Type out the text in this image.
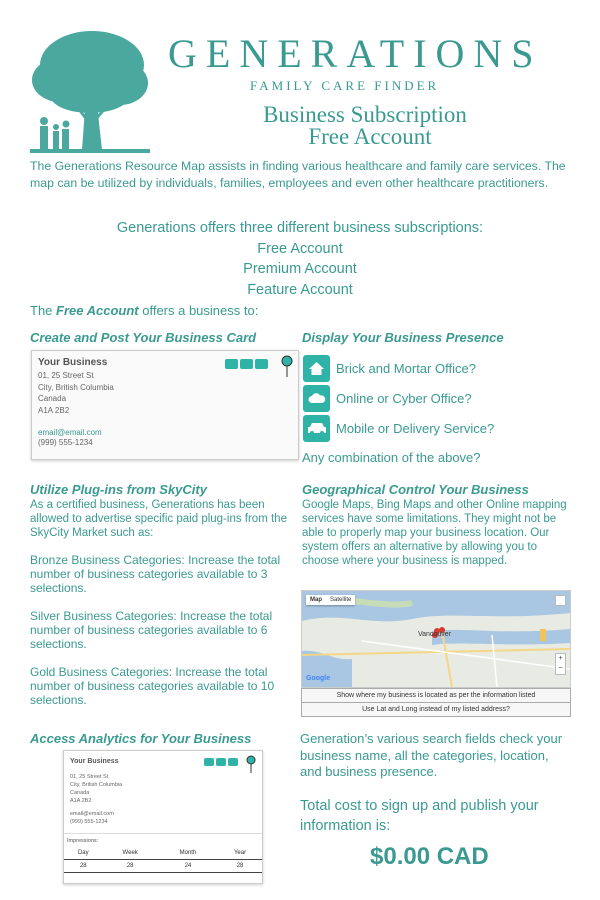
GENERATIONS
FAMILY CARE FINDER
Business Subscription
Free Account
The Generations Resource Map assists in finding various healthcare and family care services. The map can be utilized by individuals, families, employees and even other healthcare practitioners.
Generations offers three different business subscriptions:
Free Account
Premium Account
Feature Account
The Free Account offers a business to:
Create and Post Your Business Card
Your Business
01, 25 Street St
City, British Columbia
Canada
A1A 2B2
email@email.com
(999) 555-1234
Display Your Business Presence
Brick and Mortar Office?
Online or Cyber Office?
Mobile or Delivery Service?
Any combination of the above?
Utilize Plug-ins from SkyCity
As a certified business, Generations has been allowed to advertise specific paid plug-ins from the SkyCity Market such as:
Bronze Business Categories: Increase the total number of business categories available to 3 selections.
Silver Business Categories: Increase the total number of business categories available to 6 selections.
Gold Business Categories: Increase the total number of business categories available to 10 selections.
Geographical Control Your Business
Google Maps, Bing Maps and other Online mapping services have some limitations. They might not be able to properly map your business location. Our system offers an alternative by allowing you to choose where your business is mapped.
Map Satellite
Vancouver
Google
+
−
Show where my business is located as per the information listed
Use Lat and Long instead of my listed address?
Access Analytics for Your Business
Your Business
01, 25 Street St
City, British Columbia
Canada
A1A 2B2
email@email.com
(999) 555-1234
Impressions:
Day	Week	Month	Year
28	28	24	28
Generation’s various search fields check your business name, all the categories, location, and business presence.
Total cost to sign up and publish your information is:
$0.00 CAD
